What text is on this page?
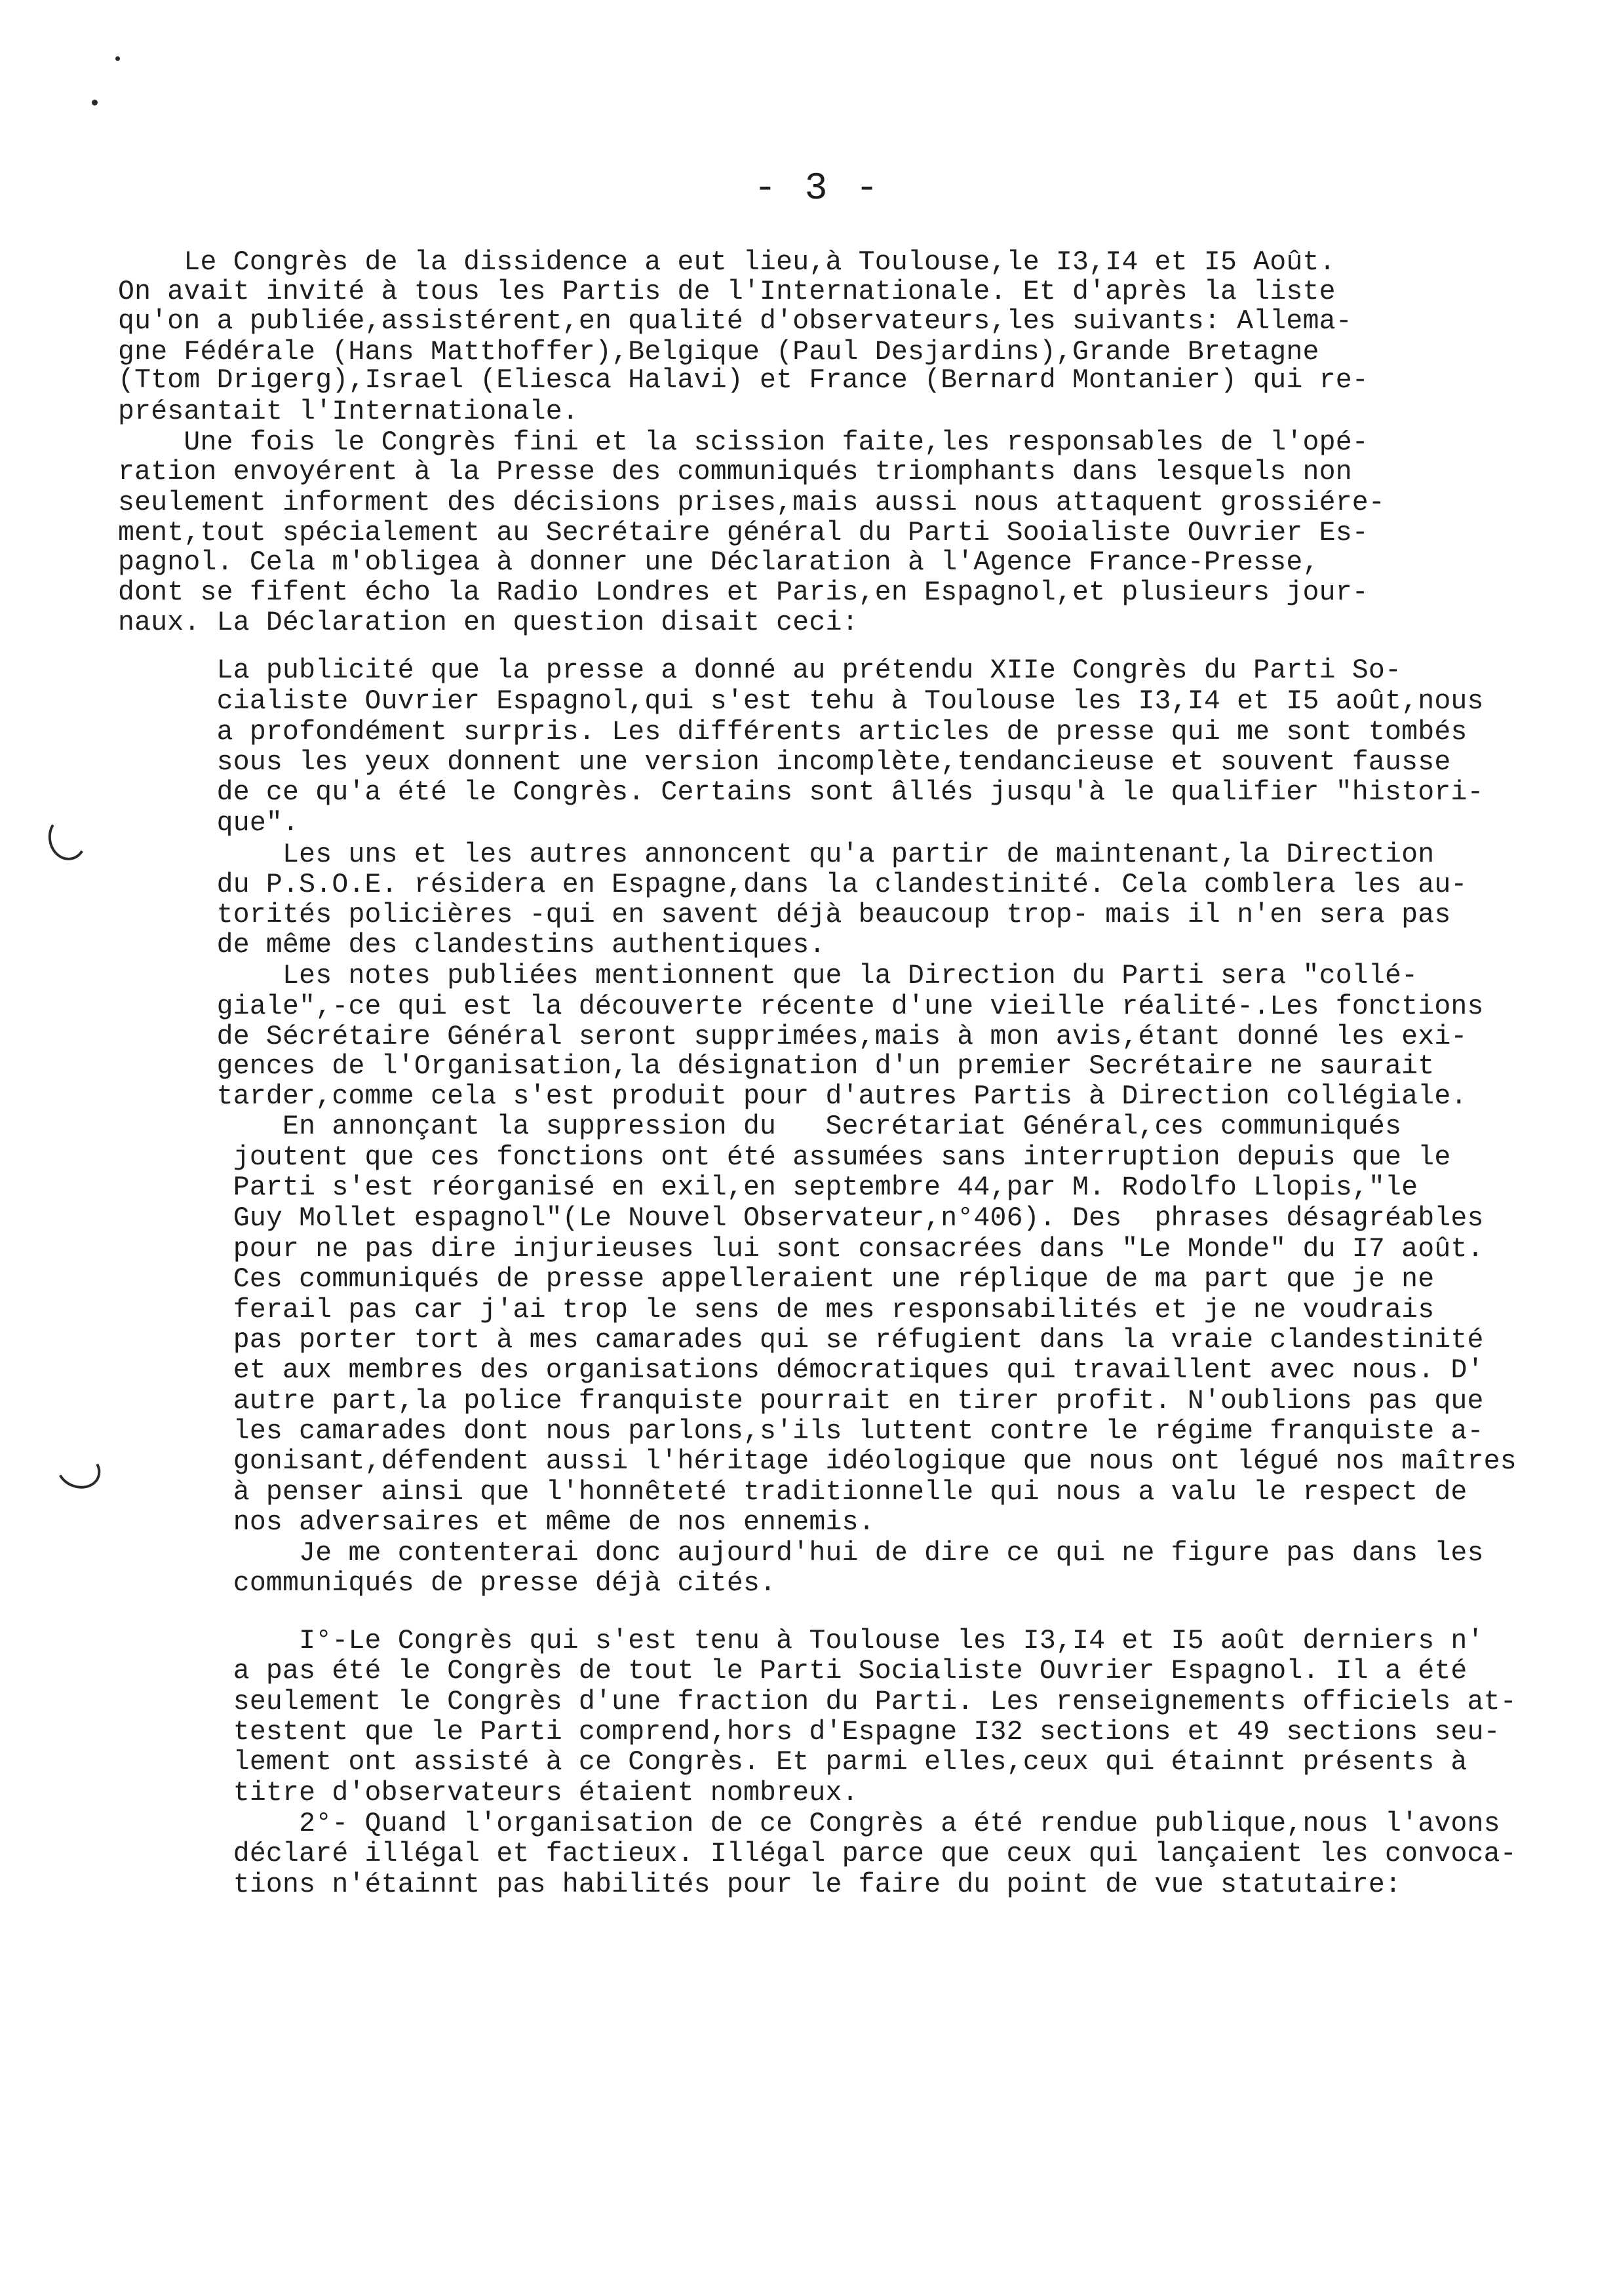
- 3 -
Le Congrès de la dissidence a eut lieu,à Toulouse,le I3,I4 et I5 Août.
On avait invité à tous les Partis de l'Internationale. Et d'après la liste
qu'on a publiée,assistérent,en qualité d'observateurs,les suivants: Allema-
gne Fédérale (Hans Matthoffer),Belgique (Paul Desjardins),Grande Bretagne
(Ttom Drigerg),Israel (Eliesca Halavi) et France (Bernard Montanier) qui re-
présantait l'Internationale.
Une fois le Congrès fini et la scission faite,les responsables de l'opé-
ration envoyérent à la Presse des communiqués triomphants dans lesquels non
seulement informent des décisions prises,mais aussi nous attaquent grossiére-
ment,tout spécialement au Secrétaire général du Parti Sooialiste Ouvrier Es-
pagnol. Cela m'obligea à donner une Déclaration à l'Agence France-Presse,
dont se fifent écho la Radio Londres et Paris,en Espagnol,et plusieurs jour-
naux. La Déclaration en question disait ceci:
La publicité que la presse a donné au prétendu XIIe Congrès du Parti So-
cialiste Ouvrier Espagnol,qui s'est tehu à Toulouse les I3,I4 et I5 août,nous
a profondément surpris. Les différents articles de presse qui me sont tombés
sous les yeux donnent une version incomplète,tendancieuse et souvent fausse
de ce qu'a été le Congrès. Certains sont âllés jusqu'à le qualifier "histori-
que".
Les uns et les autres annoncent qu'a partir de maintenant,la Direction
du P.S.O.E. résidera en Espagne,dans la clandestinité. Cela comblera les au-
torités policières -qui en savent déjà beaucoup trop- mais il n'en sera pas
de même des clandestins authentiques.
Les notes publiées mentionnent que la Direction du Parti sera "collé-
giale",-ce qui est la découverte récente d'une vieille réalité-.Les fonctions
de Sécrétaire Général seront supprimées,mais à mon avis,étant donné les exi-
gences de l'Organisation,la désignation d'un premier Secrétaire ne saurait
tarder,comme cela s'est produit pour d'autres Partis à Direction collégiale.
En annonçant la suppression du   Secrétariat Général,ces communiqués
joutent que ces fonctions ont été assumées sans interruption depuis que le
Parti s'est réorganisé en exil,en septembre 44,par M. Rodolfo Llopis,"le
Guy Mollet espagnol"(Le Nouvel Observateur,n°406). Des  phrases désagréables
pour ne pas dire injurieuses lui sont consacrées dans "Le Monde" du I7 août.
Ces communiqués de presse appelleraient une réplique de ma part que je ne
ferail pas car j'ai trop le sens de mes responsabilités et je ne voudrais
pas porter tort à mes camarades qui se réfugient dans la vraie clandestinité
et aux membres des organisations démocratiques qui travaillent avec nous. D'
autre part,la police franquiste pourrait en tirer profit. N'oublions pas que
les camarades dont nous parlons,s'ils luttent contre le régime franquiste a-
gonisant,défendent aussi l'héritage idéologique que nous ont légué nos maîtres
à penser ainsi que l'honnêteté traditionnelle qui nous a valu le respect de
nos adversaires et même de nos ennemis.
Je me contenterai donc aujourd'hui de dire ce qui ne figure pas dans les
communiqués de presse déjà cités.
I°-Le Congrès qui s'est tenu à Toulouse les I3,I4 et I5 août derniers n'
a pas été le Congrès de tout le Parti Socialiste Ouvrier Espagnol. Il a été
seulement le Congrès d'une fraction du Parti. Les renseignements officiels at-
testent que le Parti comprend,hors d'Espagne I32 sections et 49 sections seu-
lement ont assisté à ce Congrès. Et parmi elles,ceux qui étainnt présents à
titre d'observateurs étaient nombreux.
2°- Quand l'organisation de ce Congrès a été rendue publique,nous l'avons
déclaré illégal et factieux. Illégal parce que ceux qui lançaient les convoca-
tions n'étainnt pas habilités pour le faire du point de vue statutaire:
